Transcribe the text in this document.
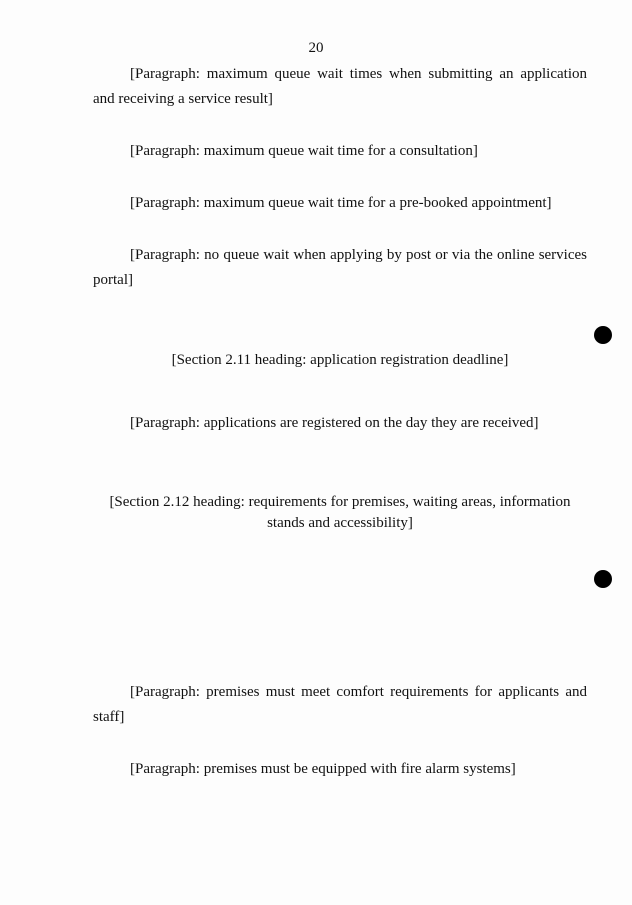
20
[Paragraph: maximum queue wait times when submitting an application and receiving a service result]
[Paragraph: maximum queue wait time for a consultation]
[Paragraph: maximum queue wait time for a pre-booked appointment]
[Paragraph: no queue wait when applying by post or via the online services portal]
[Section 2.11 heading: application registration deadline]
[Paragraph: applications are registered on the day they are received]
[Section 2.12 heading: requirements for premises, waiting areas, information stands and accessibility]
[Paragraph: premises must meet comfort requirements for applicants and staff]
[Paragraph: premises must be equipped with fire alarm systems]
